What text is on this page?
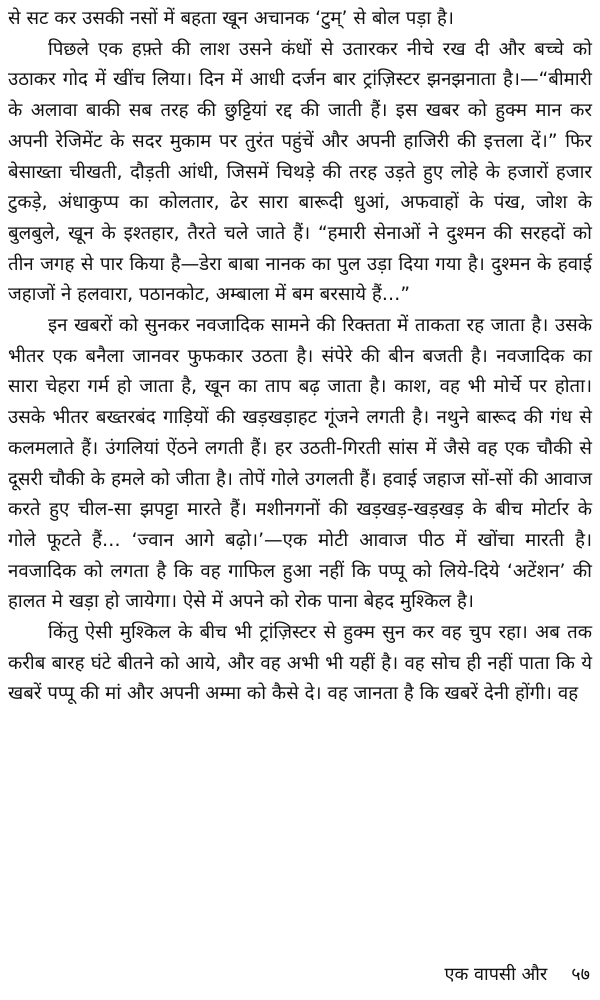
से सट कर उसकी नसों में बहता खून अचानक ‘टुम्’ से बोल पड़ा है।

पिछले एक हफ़्ते की लाश उसने कंधों से उतारकर नीचे रख दी और बच्चे को उठाकर गोद में खींच लिया। दिन में आधी दर्जन बार ट्रांज़िस्टर झनझनाता है।—“बीमारी के अलावा बाकी सब तरह की छुट्टियां रद्द की जाती हैं। इस खबर को हुक्म मान कर अपनी रेजिमेंट के सदर मुकाम पर तुरंत पहुंचें और अपनी हाजिरी की इत्तला दें।” फिर बेसाख्ता चीखती, दौड़ती आंधी, जिसमें चिथड़े की तरह उड़ते हुए लोहे के हजारों हजार टुकड़े, अंधाकुप्प का कोलतार, ढेर सारा बारूदी धुआं, अफवाहों के पंख, जोश के बुलबुले, खून के इश्तहार, तैरते चले जाते हैं। “हमारी सेनाओं ने दुश्मन की सरहदों को तीन जगह से पार किया है—डेरा बाबा नानक का पुल उड़ा दिया गया है। दुश्मन के हवाई जहाजों ने हलवारा, पठानकोट, अम्बाला में बम बरसाये हैं…”

इन खबरों को सुनकर नवजादिक सामने की रिक्तता में ताकता रह जाता है। उसके भीतर एक बनैला जानवर फुफकार उठता है। संपेरे की बीन बजती है। नवजादिक का सारा चेहरा गर्म हो जाता है, खून का ताप बढ़ जाता है। काश, वह भी मोर्चे पर होता। उसके भीतर बख्तरबंद गाड़ियों की खड़खड़ाहट गूंजने लगती है। नथुने बारूद की गंध से कलमलाते हैं। उंगलियां ऐंठने लगती हैं। हर उठती-गिरती सांस में जैसे वह एक चौकी से दूसरी चौकी के हमले को जीता है। तोपें गोले उगलती हैं। हवाई जहाज सों-सों की आवाज करते हुए चील-सा झपट्टा मारते हैं। मशीनगनों की खड़खड़-खड़खड़ के बीच मोर्टार के गोले फूटते हैं… ‘ज्वान आगे बढ़ो।’—एक मोटी आवाज पीठ में खोंचा मारती है। नवजादिक को लगता है कि वह गाफिल हुआ नहीं कि पप्पू को लिये-दिये ‘अटेंशन’ की हालत मे खड़ा हो जायेगा। ऐसे में अपने को रोक पाना बेहद मुश्किल है।

किंतु ऐसी मुश्किल के बीच भी ट्रांज़िस्टर से हुक्म सुन कर वह चुप रहा। अब तक करीब बारह घंटे बीतने को आये, और वह अभी भी यहीं है। वह सोच ही नहीं पाता कि ये खबरें पप्पू की मां और अपनी अम्मा को कैसे दे। वह जानता है कि खबरें देनी होंगी। वह

एक वापसी और ५७
